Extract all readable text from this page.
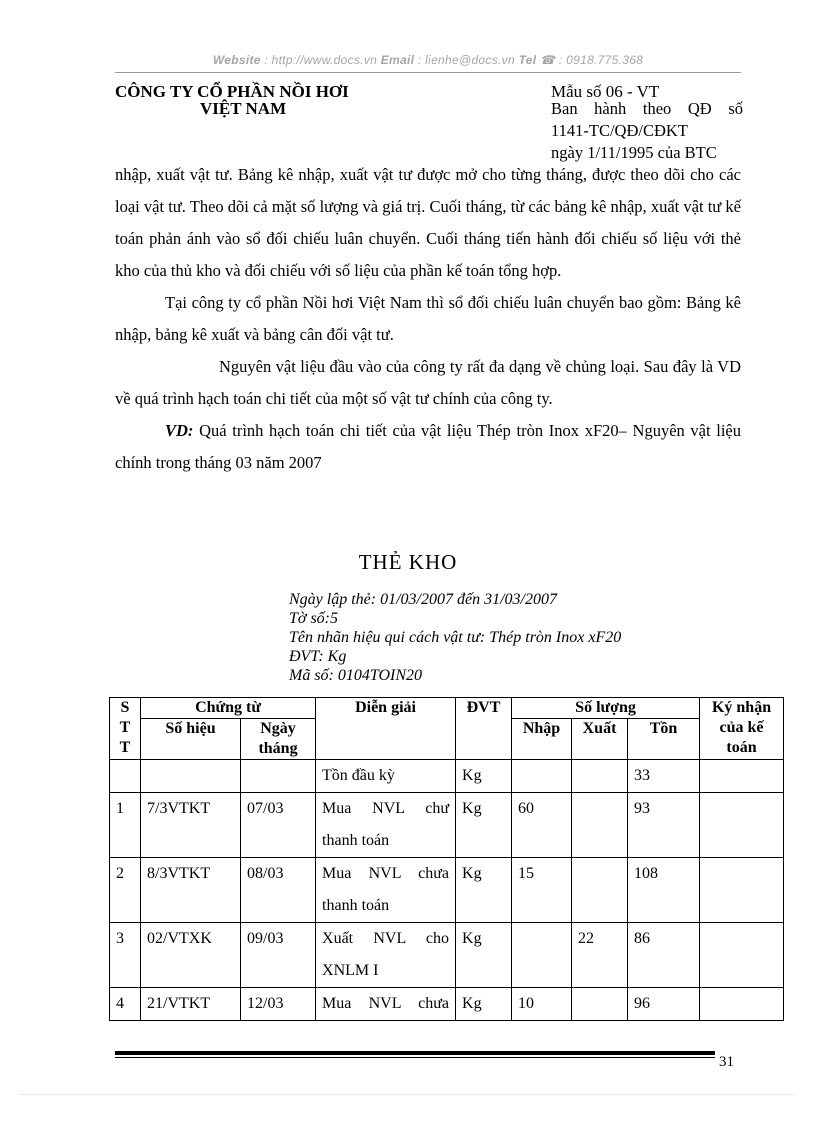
Website : http://www.docs.vn Email : lienhe@docs.vn Tel ☎ : 0918.775.368
CÔNG TY CỔ PHẦN NỒI HƠI	Mẫu số 06 - VT
VIỆT NAM	Ban hành theo QĐ số
1141-TC/QĐ/CĐKT
ngày 1/11/1995 của BTC

nhập, xuất vật tư. Bảng kê nhập, xuất vật tư được mở cho từng tháng, được theo dõi cho các loại vật tư. Theo dõi cả mặt số lượng và giá trị. Cuối tháng, từ các bảng kê nhập, xuất vật tư kế toán phản ánh vào sổ đối chiếu luân chuyển. Cuối tháng tiến hành đối chiếu số liệu với thẻ kho của thủ kho và đối chiếu với số liệu của phần kế toán tổng hợp.

Tại công ty cổ phần Nồi hơi Việt Nam thì sổ đối chiếu luân chuyển bao gồm: Bảng kê nhập, bảng kê xuất và bảng cân đối vật tư.

Nguyên vật liệu đầu vào của công ty rất đa dạng về chủng loại. Sau đây là VD về quá trình hạch toán chi tiết của một số vật tư chính của công ty.

VD: Quá trình hạch toán chi tiết của vật liệu Thép tròn Inox xF20– Nguyên vật liệu chính trong tháng 03 năm 2007

THẺ KHO
Ngày lập thẻ: 01/03/2007 đến 31/03/2007
Tờ số:5
Tên nhãn hiệu qui cách vật tư: Thép tròn Inox xF20
ĐVT: Kg
Mã số: 0104TOIN20
S T T	Chứng từ		Diễn giải	ĐVT	Số lượng			Ký nhận của kế toán
	Số hiệu	Ngày tháng			Nhập	Xuất	Tồn	
			Tồn đầu kỳ	Kg			33	
1	7/3VTKT	07/03	Mua NVL chư thanh toán	Kg	60		93	
2	8/3VTKT	08/03	Mua NVL chưa thanh toán	Kg	15		108	
3	02/VTXK	09/03	Xuất NVL cho XNLM I	Kg		22	86	
4	21/VTKT	12/03	Mua NVL chưa	Kg	10		96	
31
